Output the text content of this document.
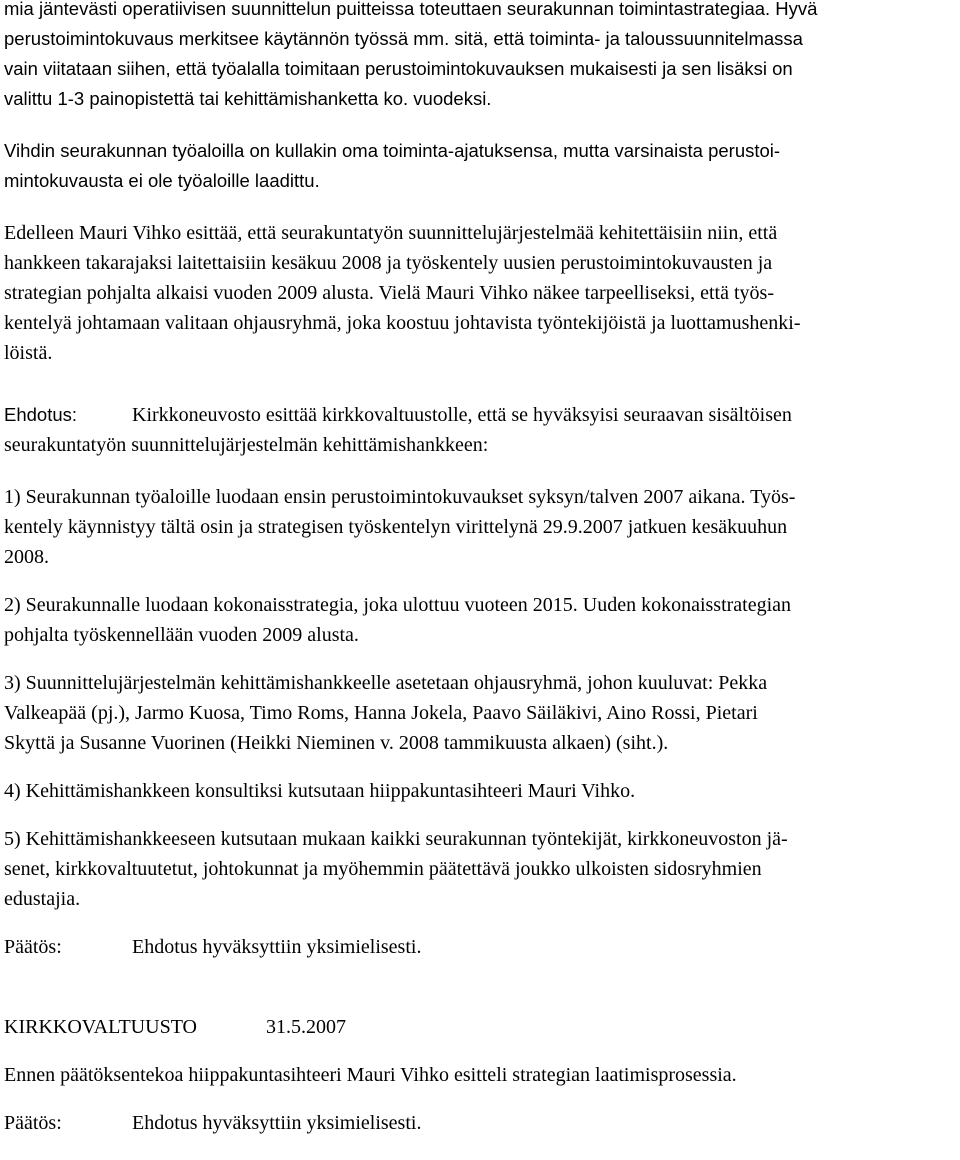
mia jäntevästi operatiivisen suunnittelun puitteissa toteuttaen seurakunnan toimintastrategiaa. Hyvä
perustoimintokuvaus merkitsee käytännön työssä mm. sitä, että toiminta- ja taloussuunnitelmassa
vain viitataan siihen, että työalalla toimitaan perustoimintokuvauksen mukaisesti ja sen lisäksi on
valittu 1-3 painopistettä tai kehittämishanketta ko. vuodeksi.
Vihdin seurakunnan työaloilla on kullakin oma toiminta-ajatuksensa, mutta varsinaista perustoi-
mintokuvausta ei ole työaloille laadittu.
Edelleen Mauri Vihko esittää, että seurakuntatyön suunnittelujärjestelmää kehitettäisiin niin, että
hankkeen takarajaksi laitettaisiin kesäkuu 2008 ja työskentely uusien perustoimintokuvausten ja
strategian pohjalta alkaisi vuoden 2009 alusta. Vielä Mauri Vihko näkee tarpeelliseksi, että työs-
kentelyä johtamaan valitaan ohjausryhmä, joka koostuu johtavista työntekijöistä ja luottamushenki-
löistä.
Ehdotus:	Kirkkoneuvosto esittää kirkkovaltuustolle, että se hyväksyisi seuraavan sisältöisen
seurakuntatyön suunnittelujärjestelmän kehittämishankkeen:
1) Seurakunnan työaloille luodaan ensin perustoimintokuvaukset syksyn/talven 2007 aikana. Työs-
kentely käynnistyy tältä osin ja strategisen työskentelyn virittelynä 29.9.2007 jatkuen kesäkuuhun
2008.
2) Seurakunnalle luodaan kokonaisstrategia, joka ulottuu vuoteen 2015. Uuden kokonaisstrategian
pohjalta työskennellään vuoden 2009 alusta.
3) Suunnittelujärjestelmän kehittämishankkeelle asetetaan ohjausryhmä, johon kuuluvat: Pekka
Valkeapää (pj.), Jarmo Kuosa, Timo Roms, Hanna Jokela, Paavo Säiläkivi, Aino Rossi, Pietari
Skyttä ja Susanne Vuorinen (Heikki Nieminen v. 2008 tammikuusta alkaen) (siht.).
4) Kehittämishankkeen konsultiksi kutsutaan hiippakuntasihteeri Mauri Vihko.
5) Kehittämishankkeeseen kutsutaan mukaan kaikki seurakunnan työntekijät, kirkkoneuvoston jä-
senet, kirkkovaltuutetut, johtokunnat ja myöhemmin päätettävä joukko ulkoisten sidosryhmien
edustajia.
Päätös:	Ehdotus hyväksyttiin yksimielisesti.
KIRKKOVALTUUSTO	31.5.2007
Ennen päätöksentekoa hiippakuntasihteeri Mauri Vihko esitteli strategian laatimisprosessia.
Päätös:	Ehdotus hyväksyttiin yksimielisesti.
